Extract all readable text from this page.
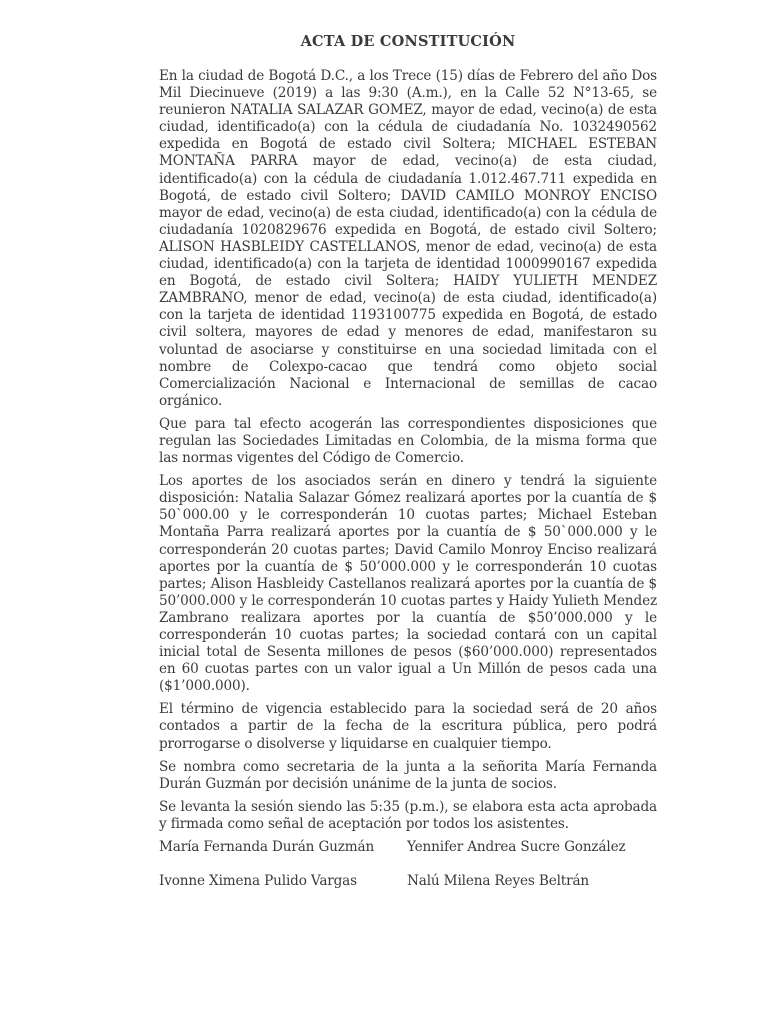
ACTA DE CONSTITUCIÓN

En la ciudad de Bogotá D.C., a los Trece (15) días de Febrero del año Dos Mil Diecinueve (2019) a las 9:30 (A.m.), en la Calle 52 N°13-65, se reunieron NATALIA SALAZAR GOMEZ, mayor de edad, vecino(a) de esta ciudad, identificado(a) con la cédula de ciudadanía No. 1032490562 expedida en Bogotá de estado civil Soltera; MICHAEL ESTEBAN MONTAÑA PARRA mayor de edad, vecino(a) de esta ciudad, identificado(a) con la cédula de ciudadanía 1.012.467.711 expedida en Bogotá, de estado civil Soltero; DAVID CAMILO MONROY ENCISO mayor de edad, vecino(a) de esta ciudad, identificado(a) con la cédula de ciudadanía 1020829676 expedida en Bogotá, de estado civil Soltero; ALISON HASBLEIDY CASTELLANOS, menor de edad, vecino(a) de esta ciudad, identificado(a) con la tarjeta de identidad 1000990167 expedida en Bogotá, de estado civil Soltera; HAIDY YULIETH MENDEZ ZAMBRANO, menor de edad, vecino(a) de esta ciudad, identificado(a) con la tarjeta de identidad 1193100775 expedida en Bogotá, de estado civil soltera, mayores de edad y menores de edad, manifestaron su voluntad de asociarse y constituirse en una sociedad limitada con el nombre de Colexpo-cacao que tendrá como objeto social Comercialización Nacional e Internacional de semillas de cacao orgánico.

Que para tal efecto acogerán las correspondientes disposiciones que regulan las Sociedades Limitadas en Colombia, de la misma forma que las normas vigentes del Código de Comercio.

Los aportes de los asociados serán en dinero y tendrá la siguiente disposición: Natalia Salazar Gómez realizará aportes por la cuantía de $ 50`000.00 y le corresponderán 10 cuotas partes; Michael Esteban Montaña Parra realizará aportes por la cuantía de $ 50`000.000 y le corresponderán 20 cuotas partes; David Camilo Monroy Enciso realizará aportes por la cuantía de $ 50’000.000 y le corresponderán 10 cuotas partes; Alison Hasbleidy Castellanos realizará aportes por la cuantía de $ 50’000.000 y le corresponderán 10 cuotas partes y Haidy Yulieth Mendez Zambrano realizara aportes por la cuantía de $50’000.000 y le corresponderán 10 cuotas partes; la sociedad contará con un capital inicial total de Sesenta millones de pesos ($60’000.000) representados en 60 cuotas partes con un valor igual a Un Millón de pesos cada una ($1’000.000).

El término de vigencia establecido para la sociedad será de 20 años contados a partir de la fecha de la escritura pública, pero podrá prorrogarse o disolverse y liquidarse en cualquier tiempo.

Se nombra como secretaria de la junta a la señorita María Fernanda Durán Guzmán por decisión unánime de la junta de socios.

Se levanta la sesión siendo las 5:35 (p.m.), se elabora esta acta aprobada y firmada como señal de aceptación por todos los asistentes.

María Fernanda Durán Guzmán	Yennifer Andrea Sucre González
Ivonne Ximena Pulido Vargas	Nalú Milena Reyes Beltrán
